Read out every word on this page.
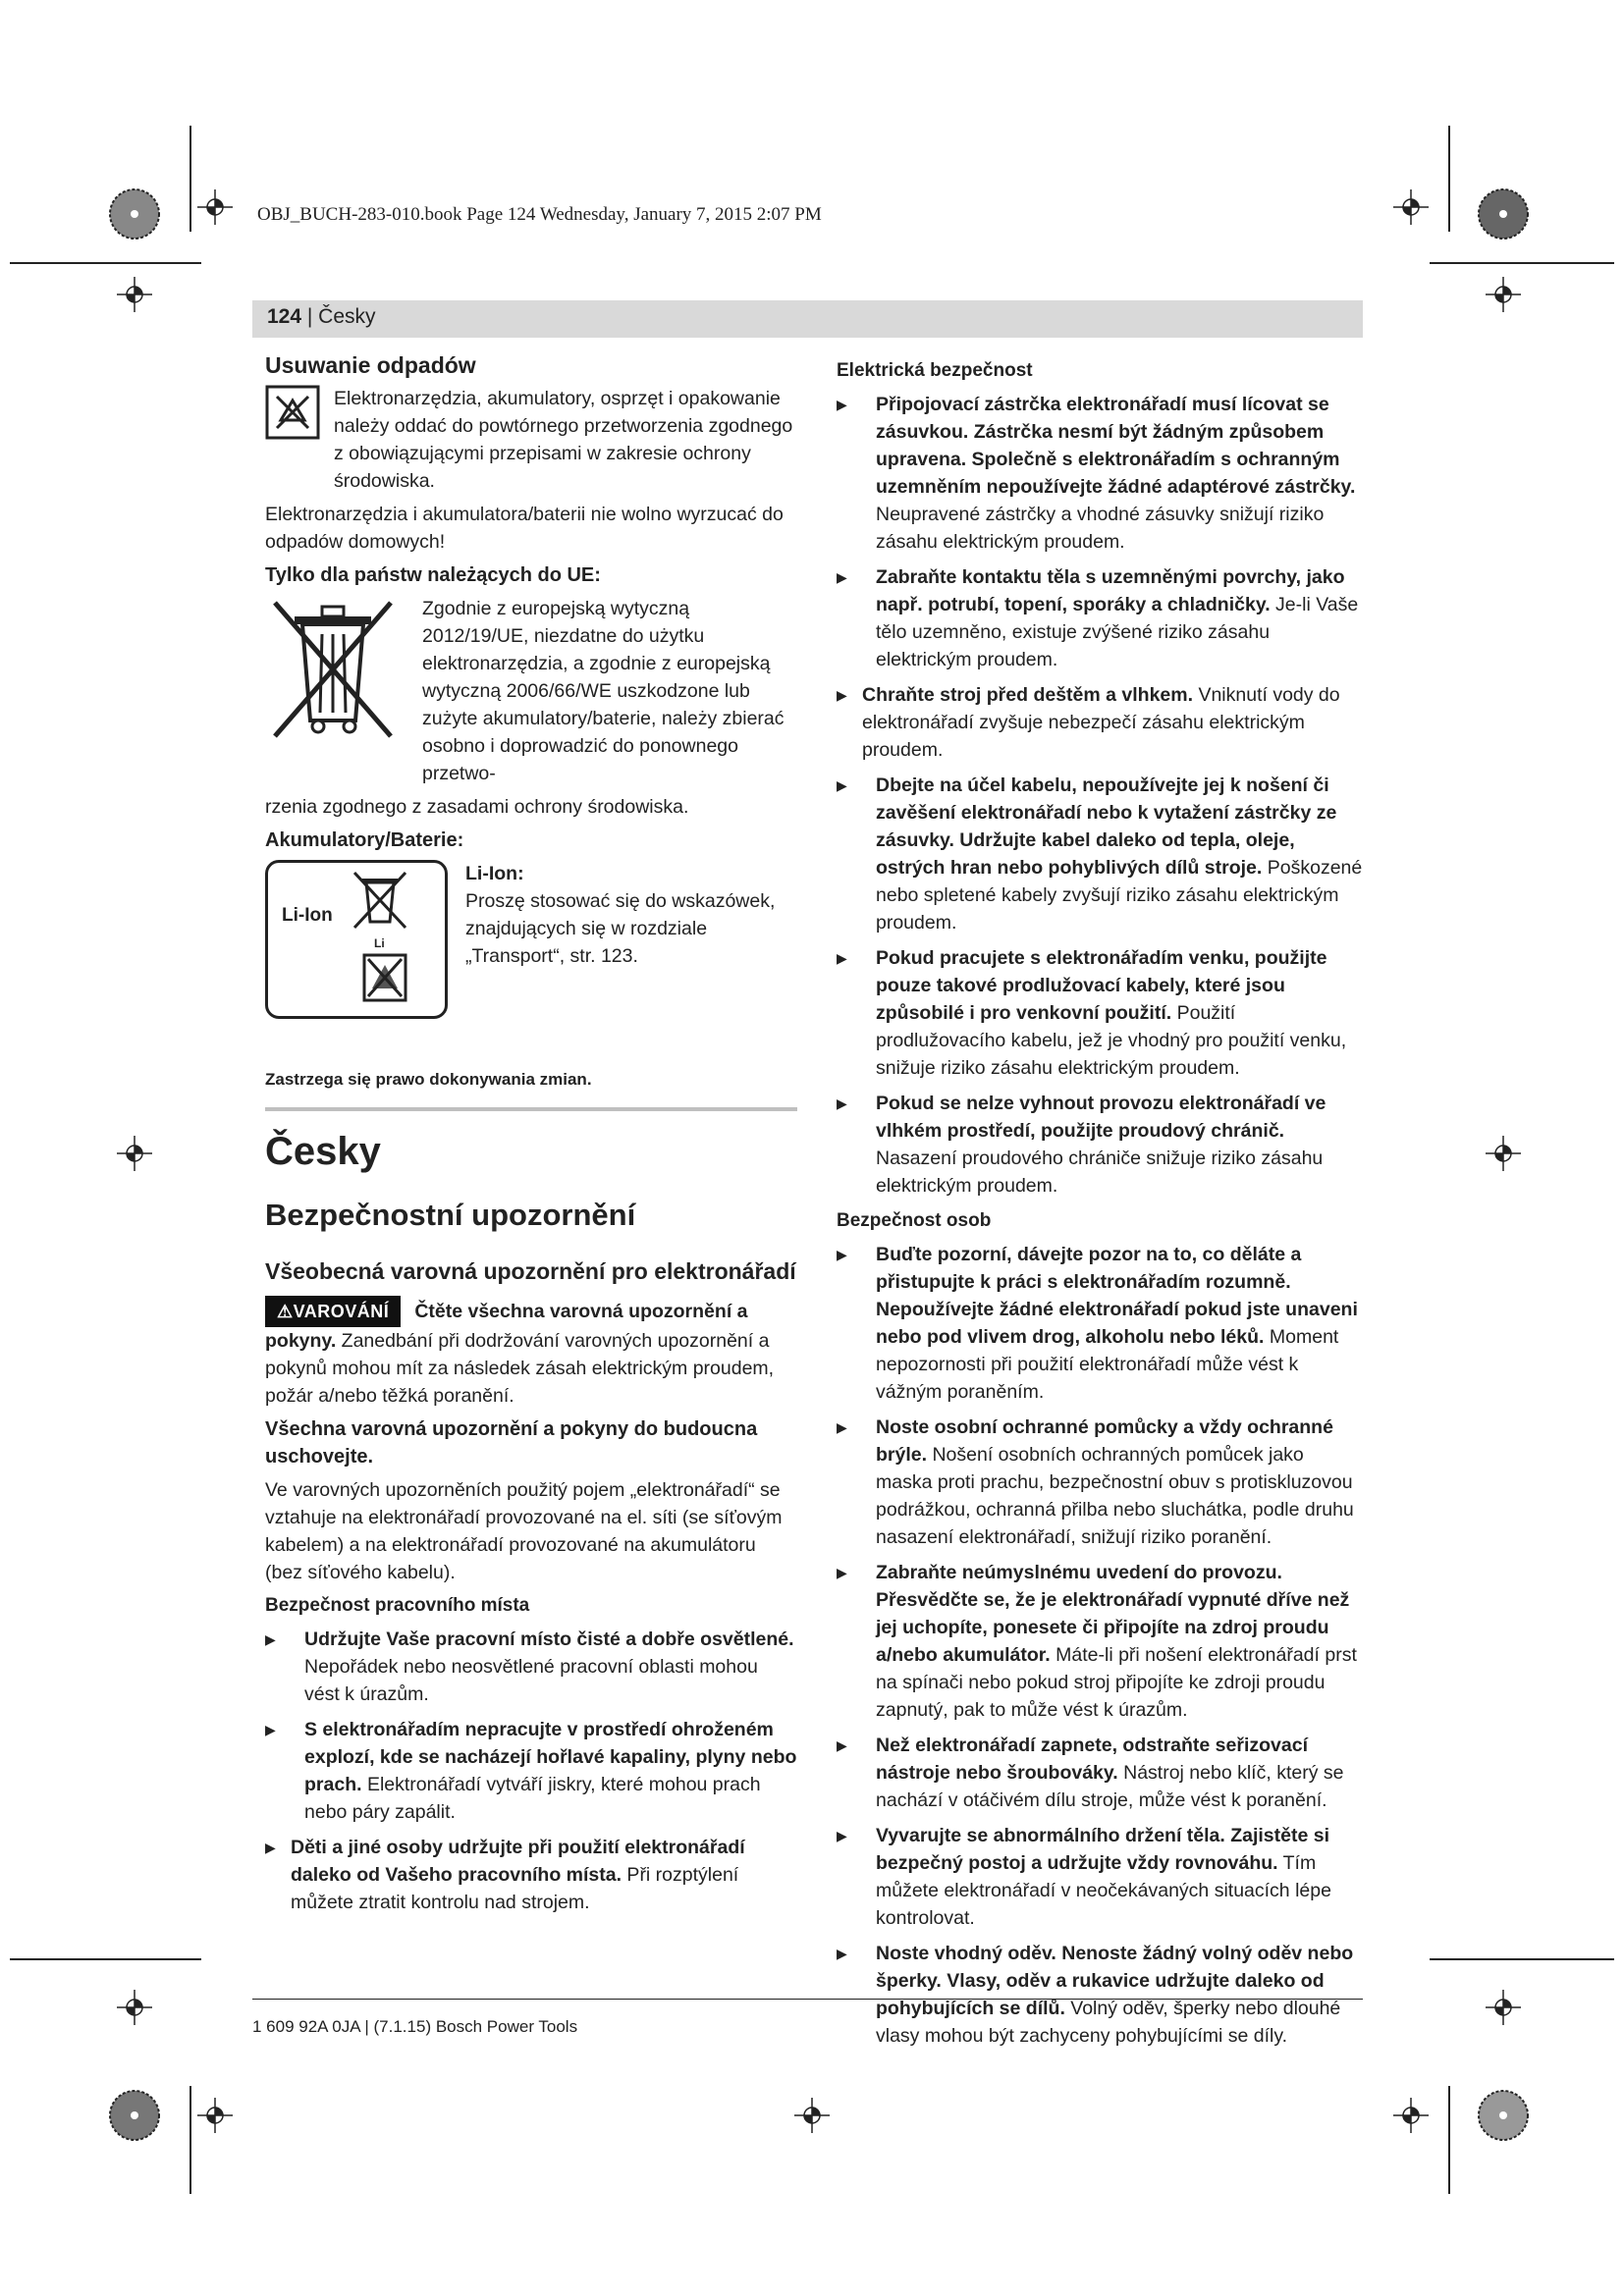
OBJ_BUCH-283-010.book Page 124 Wednesday, January 7, 2015 2:07 PM
124 | Česky
Usuwanie odpadów
Elektronarzędzia, akumulatory, osprzęt i opakowanie należy oddać do powtórnego przetworzenia zgodnego z obowiązującymi przepisami w zakresie ochrony środowiska.

Elektronarzędzia i akumulatora/baterii nie wolno wyrzucać do odpadów domowych!

Tylko dla państw należących do UE:
Zgodnie z europejską wytyczną 2012/19/UE, niezdatne do użytku elektronarzędzia, a zgodnie z europejską wytyczną 2006/66/WE uszkodzone lub zużyte akumulatory/baterie, należy zbierać osobno i doprowadzić do ponownego przetwo-

rzenia zgodnego z zasadami ochrony środowiska.

Akumulatory/Baterie:
Li-Ion
Li
Li-Ion:
Proszę stosować się do wskazówek, znajdujących się w rozdziale „Transport“, str. 123.
Zastrzega się prawo dokonywania zmian.
Česky
Bezpečnostní upozornění
Všeobecná varovná upozornění pro elektronářadí

⚠VAROVÁNÍ Čtěte všechna varovná upozornění a pokyny. Zanedbání při dodržování varovných upozornění a pokynů mohou mít za následek zásah elektrickým proudem, požár a/nebo těžká poranění.

Všechna varovná upozornění a pokyny do budoucna uschovejte.

Ve varovných upozorněních použitý pojem „elektronářadí“ se vztahuje na elektronářadí provozované na el. síti (se síťovým kabelem) a na elektronářadí provozované na akumulátoru (bez síťového kabelu).

Bezpečnost pracovního místa
▶ Udržujte Vaše pracovní místo čisté a dobře osvětlené. Nepořádek nebo neosvětlené pracovní oblasti mohou vést k úrazům.
▶ S elektronářadím nepracujte v prostředí ohroženém explozí, kde se nacházejí hořlavé kapaliny, plyny nebo prach. Elektronářadí vytváří jiskry, které mohou prach nebo páry zapálit.
▶ Děti a jiné osoby udržujte při použití elektronářadí daleko od Vašeho pracovního místa. Při rozptýlení můžete ztratit kontrolu nad strojem.
Elektrická bezpečnost
▶ Připojovací zástrčka elektronářadí musí lícovat se zásuvkou. Zástrčka nesmí být žádným způsobem upravena. Společně s elektronářadím s ochranným uzemněním nepoužívejte žádné adaptérové zástrčky. Neupravené zástrčky a vhodné zásuvky snižují riziko zásahu elektrickým proudem.
▶ Zabraňte kontaktu těla s uzemněnými povrchy, jako např. potrubí, topení, sporáky a chladničky. Je-li Vaše tělo uzemněno, existuje zvýšené riziko zásahu elektrickým proudem.
▶ Chraňte stroj před deštěm a vlhkem. Vniknutí vody do elektronářadí zvyšuje nebezpečí zásahu elektrickým proudem.
▶ Dbejte na účel kabelu, nepoužívejte jej k nošení či zavěšení elektronářadí nebo k vytažení zástrčky ze zásuvky. Udržujte kabel daleko od tepla, oleje, ostrých hran nebo pohyblivých dílů stroje. Poškozené nebo spletené kabely zvyšují riziko zásahu elektrickým proudem.
▶ Pokud pracujete s elektronářadím venku, použijte pouze takové prodlužovací kabely, které jsou způsobilé i pro venkovní použití. Použití prodlužovacího kabelu, jež je vhodný pro použití venku, snižuje riziko zásahu elektrickým proudem.
▶ Pokud se nelze vyhnout provozu elektronářadí ve vlhkém prostředí, použijte proudový chránič. Nasazení proudového chrániče snižuje riziko zásahu elektrickým proudem.
Bezpečnost osob
▶ Buďte pozorní, dávejte pozor na to, co děláte a přistupujte k práci s elektronářadím rozumně. Nepoužívejte žádné elektronářadí pokud jste unaveni nebo pod vlivem drog, alkoholu nebo léků. Moment nepozornosti při použití elektronářadí může vést k vážným poraněním.
▶ Noste osobní ochranné pomůcky a vždy ochranné brýle. Nošení osobních ochranných pomůcek jako maska proti prachu, bezpečnostní obuv s protiskluzovou podrážkou, ochranná přilba nebo sluchátka, podle druhu nasazení elektronářadí, snižují riziko poranění.
▶ Zabraňte neúmyslnému uvedení do provozu. Přesvědčte se, že je elektronářadí vypnuté dříve než jej uchopíte, ponesete či připojíte na zdroj proudu a/nebo akumulátor. Máte-li při nošení elektronářadí prst na spínači nebo pokud stroj připojíte ke zdroji proudu zapnutý, pak to může vést k úrazům.
▶ Než elektronářadí zapnete, odstraňte seřizovací nástroje nebo šroubováky. Nástroj nebo klíč, který se nachází v otáčivém dílu stroje, může vést k poranění.
▶ Vyvarujte se abnormálního držení těla. Zajistěte si bezpečný postoj a udržujte vždy rovnováhu. Tím můžete elektronářadí v neočekávaných situacích lépe kontrolovat.
▶ Noste vhodný oděv. Nenoste žádný volný oděv nebo šperky. Vlasy, oděv a rukavice udržujte daleko od pohybujících se dílů. Volný oděv, šperky nebo dlouhé vlasy mohou být zachyceny pohybujícími se díly.
1 609 92A 0JA | (7.1.15) Bosch Power Tools
